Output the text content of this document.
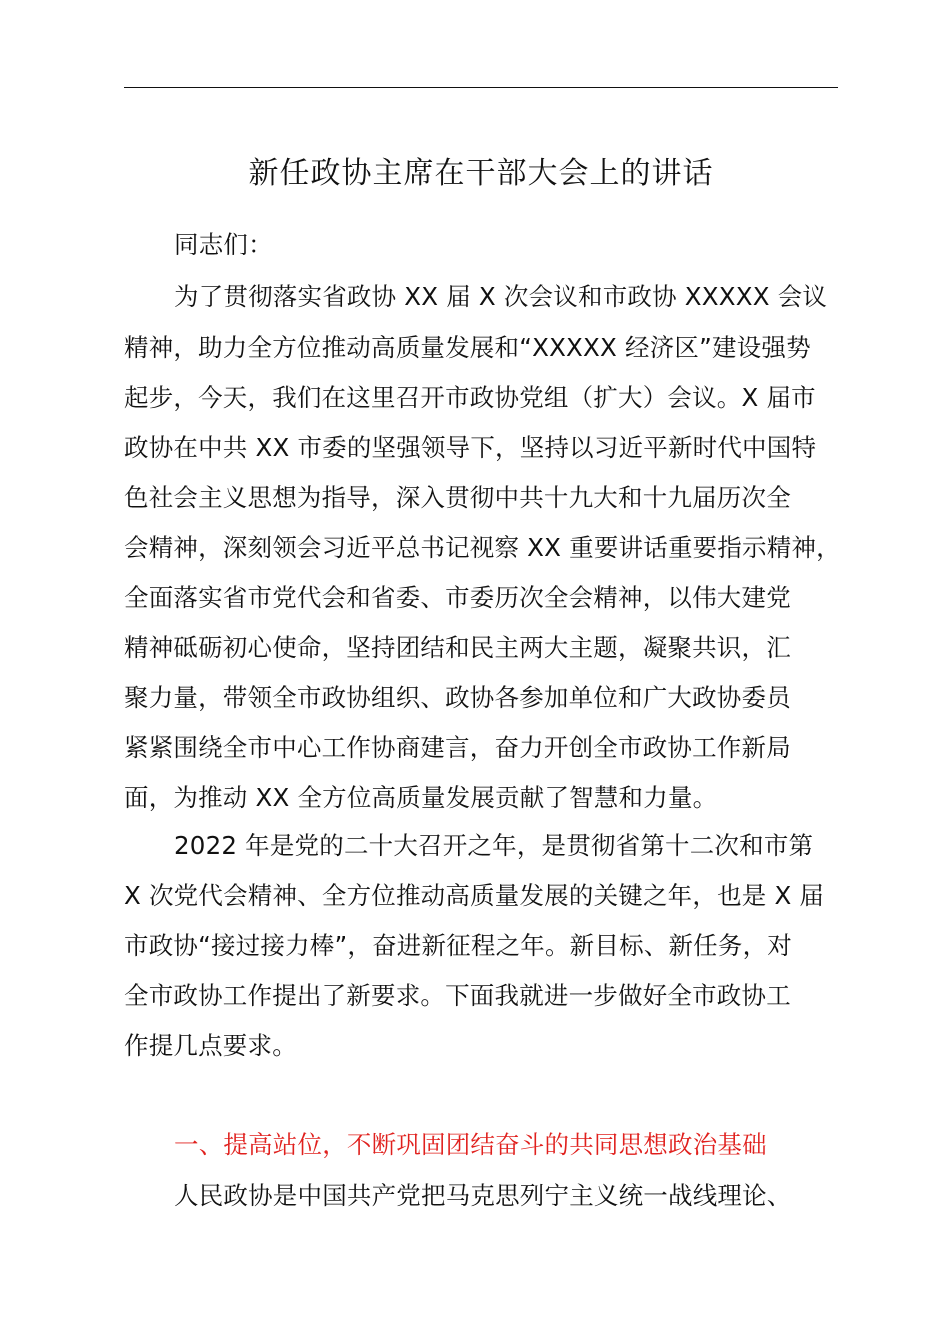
新任政协主席在干部大会上的讲话
同志们：
为了贯彻落实省政协 XX 届 X 次会议和市政协 XXXXX 会议
精神，助力全方位推动高质量发展和“XXXXX 经济区”建设强势
起步，今天，我们在这里召开市政协党组（扩大）会议。X 届市
政协在中共 XX 市委的坚强领导下，坚持以习近平新时代中国特
色社会主义思想为指导，深入贯彻中共十九大和十九届历次全
会精神，深刻领会习近平总书记视察 XX 重要讲话重要指示精神，
全面落实省市党代会和省委、市委历次全会精神，以伟大建党
精神砥砺初心使命，坚持团结和民主两大主题，凝聚共识，汇
聚力量，带领全市政协组织、政协各参加单位和广大政协委员
紧紧围绕全市中心工作协商建言，奋力开创全市政协工作新局
面，为推动 XX 全方位高质量发展贡献了智慧和力量。
2022 年是党的二十大召开之年，是贯彻省第十二次和市第
X 次党代会精神、全方位推动高质量发展的关键之年，也是 X 届
市政协“接过接力棒”，奋进新征程之年。新目标、新任务，对
全市政协工作提出了新要求。下面我就进一步做好全市政协工
作提几点要求。
一、提高站位，不断巩固团结奋斗的共同思想政治基础
人民政协是中国共产党把马克思列宁主义统一战线理论、
